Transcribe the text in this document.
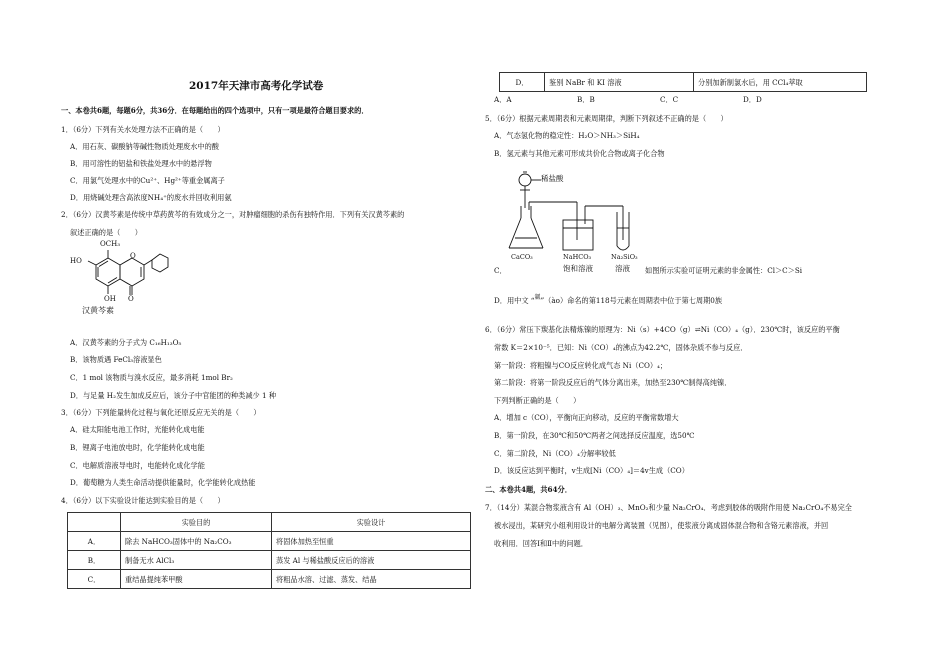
2017年天津市高考化学试卷
一、本卷共6题，每题6分，共36分．在每题给出的四个选项中，只有一项是最符合题目要求的．
1．（6分）下列有关水处理方法不正确的是（　　）
A．用石灰、碳酸钠等碱性物质处理废水中的酸
B．用可溶性的铝盐和铁盐处理水中的悬浮物
C．用氯气处理水中的Cu²⁺、Hg²⁺等重金属离子
D．用烧碱处理含高浓度NH₄⁺的废水并回收利用氨
2．（6分）汉黄芩素是传统中草药黄芩的有效成分之一，对肿瘤细胞的杀伤有独特作用．下列有关汉黄芩素的
叙述正确的是（　　）
OCH₃
HO
O
OH O
汉黄芩素
A．汉黄芩素的分子式为 C₁₆H₁₃O₅
B．该物质遇 FeCl₃溶液显色
C．1 mol 该物质与溴水反应，最多消耗 1mol Br₂
D．与足量 H₂发生加成反应后，该分子中官能团的种类减少 1 种
3．（6分）下列能量转化过程与氧化还原反应无关的是（　　）
A．硅太阳能电池工作时，光能转化成电能
B．锂离子电池放电时，化学能转化成电能
C．电解质溶液导电时，电能转化成化学能
D．葡萄糖为人类生命活动提供能量时，化学能转化成热能
4．（6分）以下实验设计能达到实验目的是（　　）
	实验目的	实验设计
A．	除去 NaHCO₃固体中的 Na₂CO₃	将固体加热至恒重
B．	制备无水 AlCl₃	蒸发 Al 与稀盐酸反应后的溶液
C．	重结晶提纯苯甲酸	将粗品水溶、过滤、蒸发、结晶
D．	鉴别 NaBr 和 KI 溶液	分别加新制氯水后，用 CCl₄萃取
A．A	B．B	C．C	D．D
5．（6分）根据元素周期表和元素周期律，判断下列叙述不正确的是（　　）
A．气态氢化物的稳定性：H₂O＞NH₃＞SiH₄
B．氢元素与其他元素可形成共价化合物或离子化合物
稀盐酸
CaCO₃	NaHCO₃
饱和溶液
Na₂SiO₃
溶液
C．	如图所示实验可证明元素的非金属性：Cl＞C＞Si
D．用中文 “$^氭$”（ào）命名的第118号元素在周期表中位于第七周期0族
6．（6分）常压下羰基化法精炼镍的原理为：Ni（s）+4CO（g）⇌Ni（CO）₄（g）．230℃时，该反应的平衡
常数 K＝2×10⁻⁵．已知：Ni（CO）₄的沸点为42.2℃，固体杂质不参与反应．
第一阶段：将粗镍与CO反应转化成气态 Ni（CO）₄；
第二阶段：将第一阶段反应后的气体分离出来，加热至230℃制得高纯镍．
下列判断正确的是（　　）
A．增加 c（CO），平衡向正向移动，反应的平衡常数增大
B．第一阶段，在30℃和50℃两者之间选择反应温度，选50℃
C．第二阶段，Ni（CO）₄分解率较低
D．该反应达到平衡时，v生成[Ni（CO）₄]＝4v生成（CO）
二、本卷共4题，共64分．
7．（14分）某混合物浆液含有 Al（OH）₃、MnO₂和少量 Na₂CrO₄．考虑到胶体的吸附作用使 Na₂CrO₄不易完全
被水浸出，某研究小组利用设计的电解分离装置（见图），使浆液分离成固体混合物和含铬元素溶液，并回
收利用．回答Ⅰ和Ⅱ中的问题．
